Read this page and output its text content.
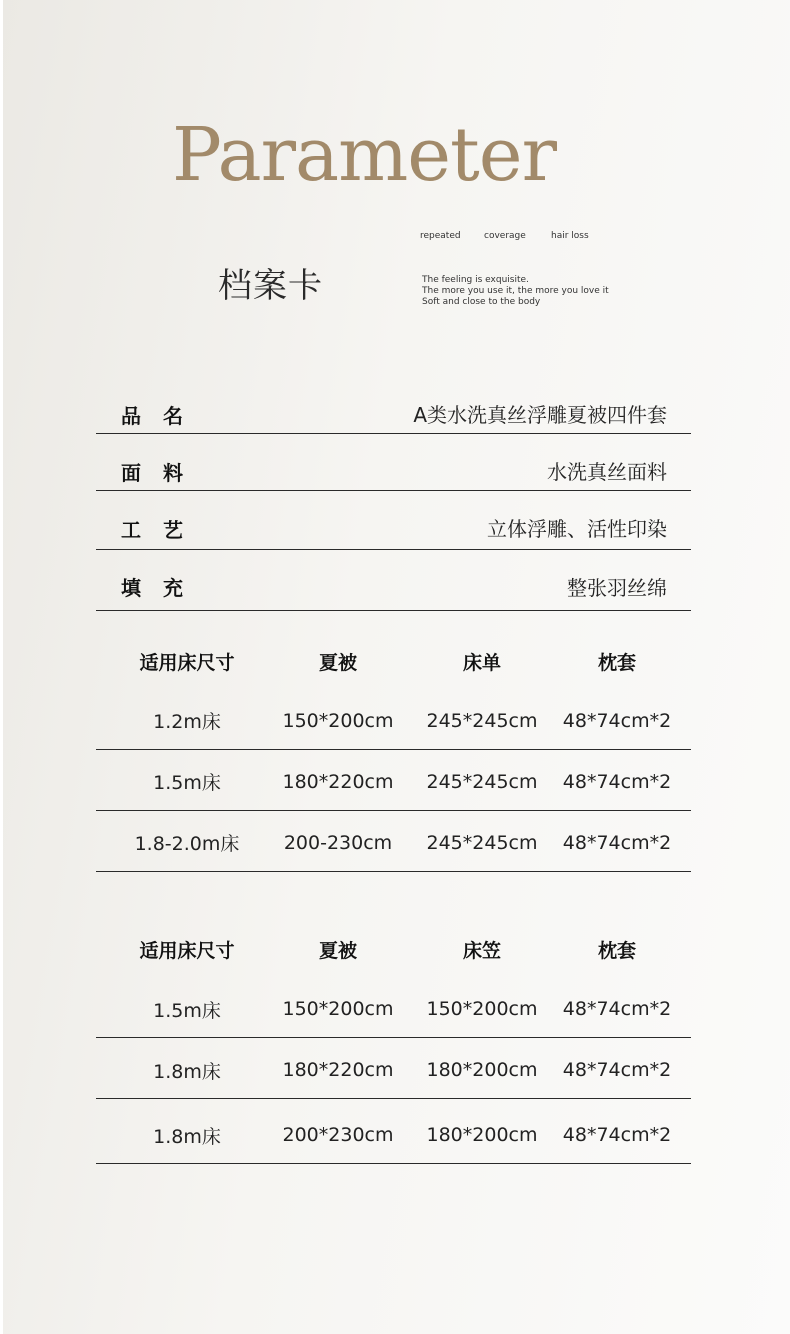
Parameter
档案卡
repeated	coverage	hair loss
The feeling is exquisite.
The more you use it, the more you love it
Soft and close to the body
品名	A类水洗真丝浮雕夏被四件套
面料	水洗真丝面料
工艺	立体浮雕、活性印染
填充	整张羽丝绵
适用床尺寸	夏被	床单	枕套
1.2m床	150*200cm	245*245cm	48*74cm*2
1.5m床	180*220cm	245*245cm	48*74cm*2
1.8-2.0m床	200-230cm	245*245cm	48*74cm*2
适用床尺寸	夏被	床笠	枕套
1.5m床	150*200cm	150*200cm	48*74cm*2
1.8m床	180*220cm	180*200cm	48*74cm*2
1.8m床	200*230cm	180*200cm	48*74cm*2
